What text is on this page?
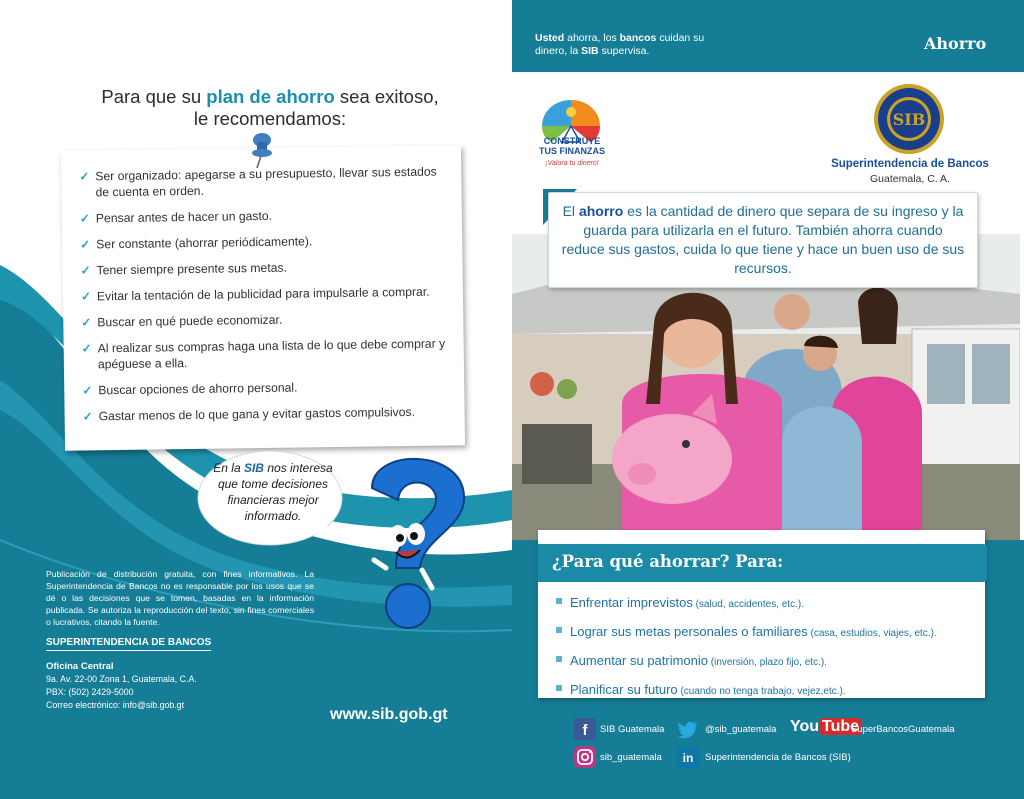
Para que su plan de ahorro sea exitoso,
le recomendamos:
✓ Ser organizado: apegarse a su presupuesto, llevar sus estados de cuenta en orden.
✓ Pensar antes de hacer un gasto.
✓ Ser constante (ahorrar periódicamente).
✓ Tener siempre presente sus metas.
✓ Evitar la tentación de la publicidad para impulsarle a comprar.
✓ Buscar en qué puede economizar.
✓ Al realizar sus compras haga una lista de lo que debe comprar y apéguese a ella.
✓ Buscar opciones de ahorro personal.
✓ Gastar menos de lo que gana y evitar gastos compulsivos.
En la SIB nos interesa que tome decisiones financieras mejor informado.
Publicación de distribución gratuita, con fines informativos. La Superintendencia de Bancos no es responsable por los usos que se dé o las decisiones que se tomen, basadas en la información publicada. Se autoriza la reproducción del texto, sin fines comerciales o lucrativos, citando la fuente.
SUPERINTENDENCIA DE BANCOS
Oficina Central
9a. Av. 22-00 Zona 1, Guatemala, C.A.
PBX: (502) 2429-5000
Correo electrónico: info@sib.gob.gt
www.sib.gob.gt
Usted ahorra, los bancos cuidan su dinero, la SIB supervisa.	Ahorro
CONSTRUYE
TUS FINANZAS
¡Valora tu dinero!
SIB
Superintendencia de Bancos
Guatemala, C. A.
El ahorro es la cantidad de dinero que separa de su ingreso y la guarda para utilizarla en el futuro. También ahorra cuando reduce sus gastos, cuida lo que tiene y hace un buen uso de sus recursos.
¿Para qué ahorrar? Para:
Enfrentar imprevistos (salud, accidentes, etc.).
Lograr sus metas personales o familiares (casa, estudios, viajes, etc.).
Aumentar su patrimonio (inversión, plazo fijo, etc.).
Planificar su futuro (cuando no tenga trabajo, vejez,etc.).
f SIB Guatemala	@sib_guatemala You Tube
SuperBancosGuatemala
sib_guatemala in Superintendencia de Bancos (SIB)
